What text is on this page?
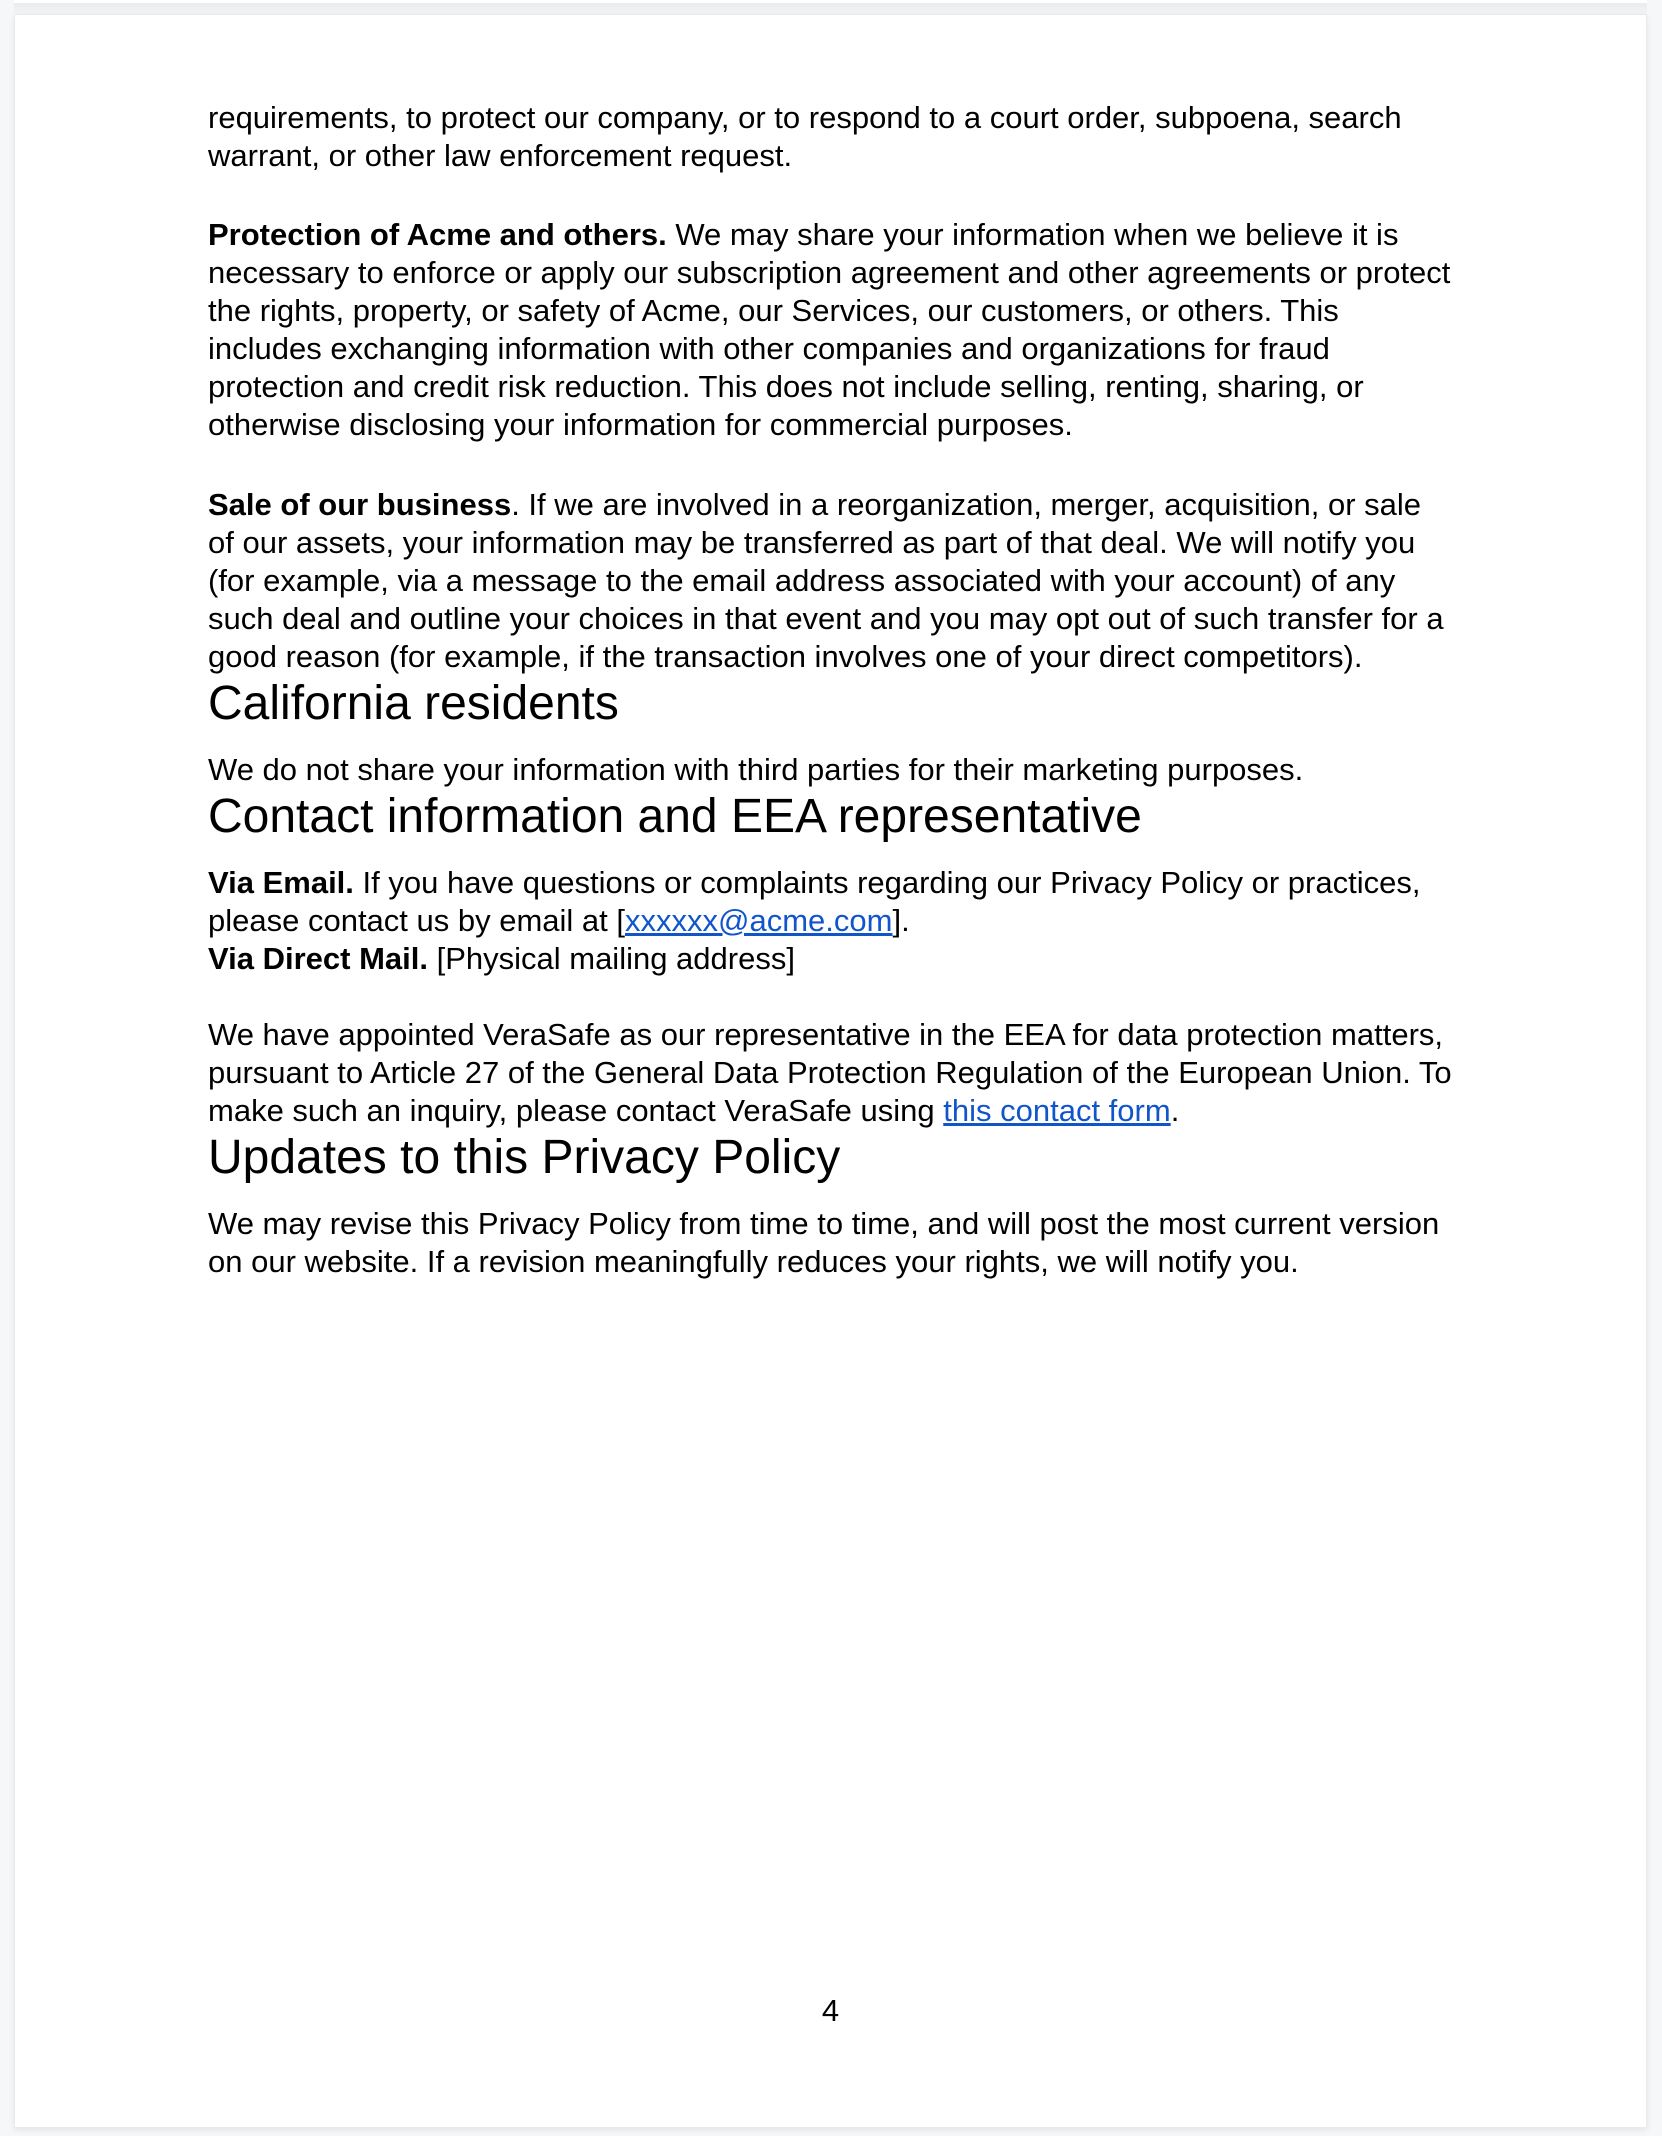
requirements, to protect our company, or to respond to a court order, subpoena, search warrant, or other law enforcement request.

Protection of Acme and others. We may share your information when we believe it is necessary to enforce or apply our subscription agreement and other agreements or protect the rights, property, or safety of Acme, our Services, our customers, or others. This includes exchanging information with other companies and organizations for fraud protection and credit risk reduction. This does not include selling, renting, sharing, or otherwise disclosing your information for commercial purposes.

Sale of our business. If we are involved in a reorganization, merger, acquisition, or sale of our assets, your information may be transferred as part of that deal. We will notify you (for example, via a message to the email address associated with your account) of any such deal and outline your choices in that event and you may opt out of such transfer for a good reason (for example, if the transaction involves one of your direct competitors).

California residents

We do not share your information with third parties for their marketing purposes.

Contact information and EEA representative
Via Email. If you have questions or complaints regarding our Privacy Policy or practices, please contact us by email at [xxxxxx@acme.com].
Via Direct Mail. [Physical mailing address]

We have appointed VeraSafe as our representative in the EEA for data protection matters, pursuant to Article 27 of the General Data Protection Regulation of the European Union. To make such an inquiry, please contact VeraSafe using this contact form.

Updates to this Privacy Policy

We may revise this Privacy Policy from time to time, and will post the most current version on our website. If a revision meaningfully reduces your rights, we will notify you.

4
